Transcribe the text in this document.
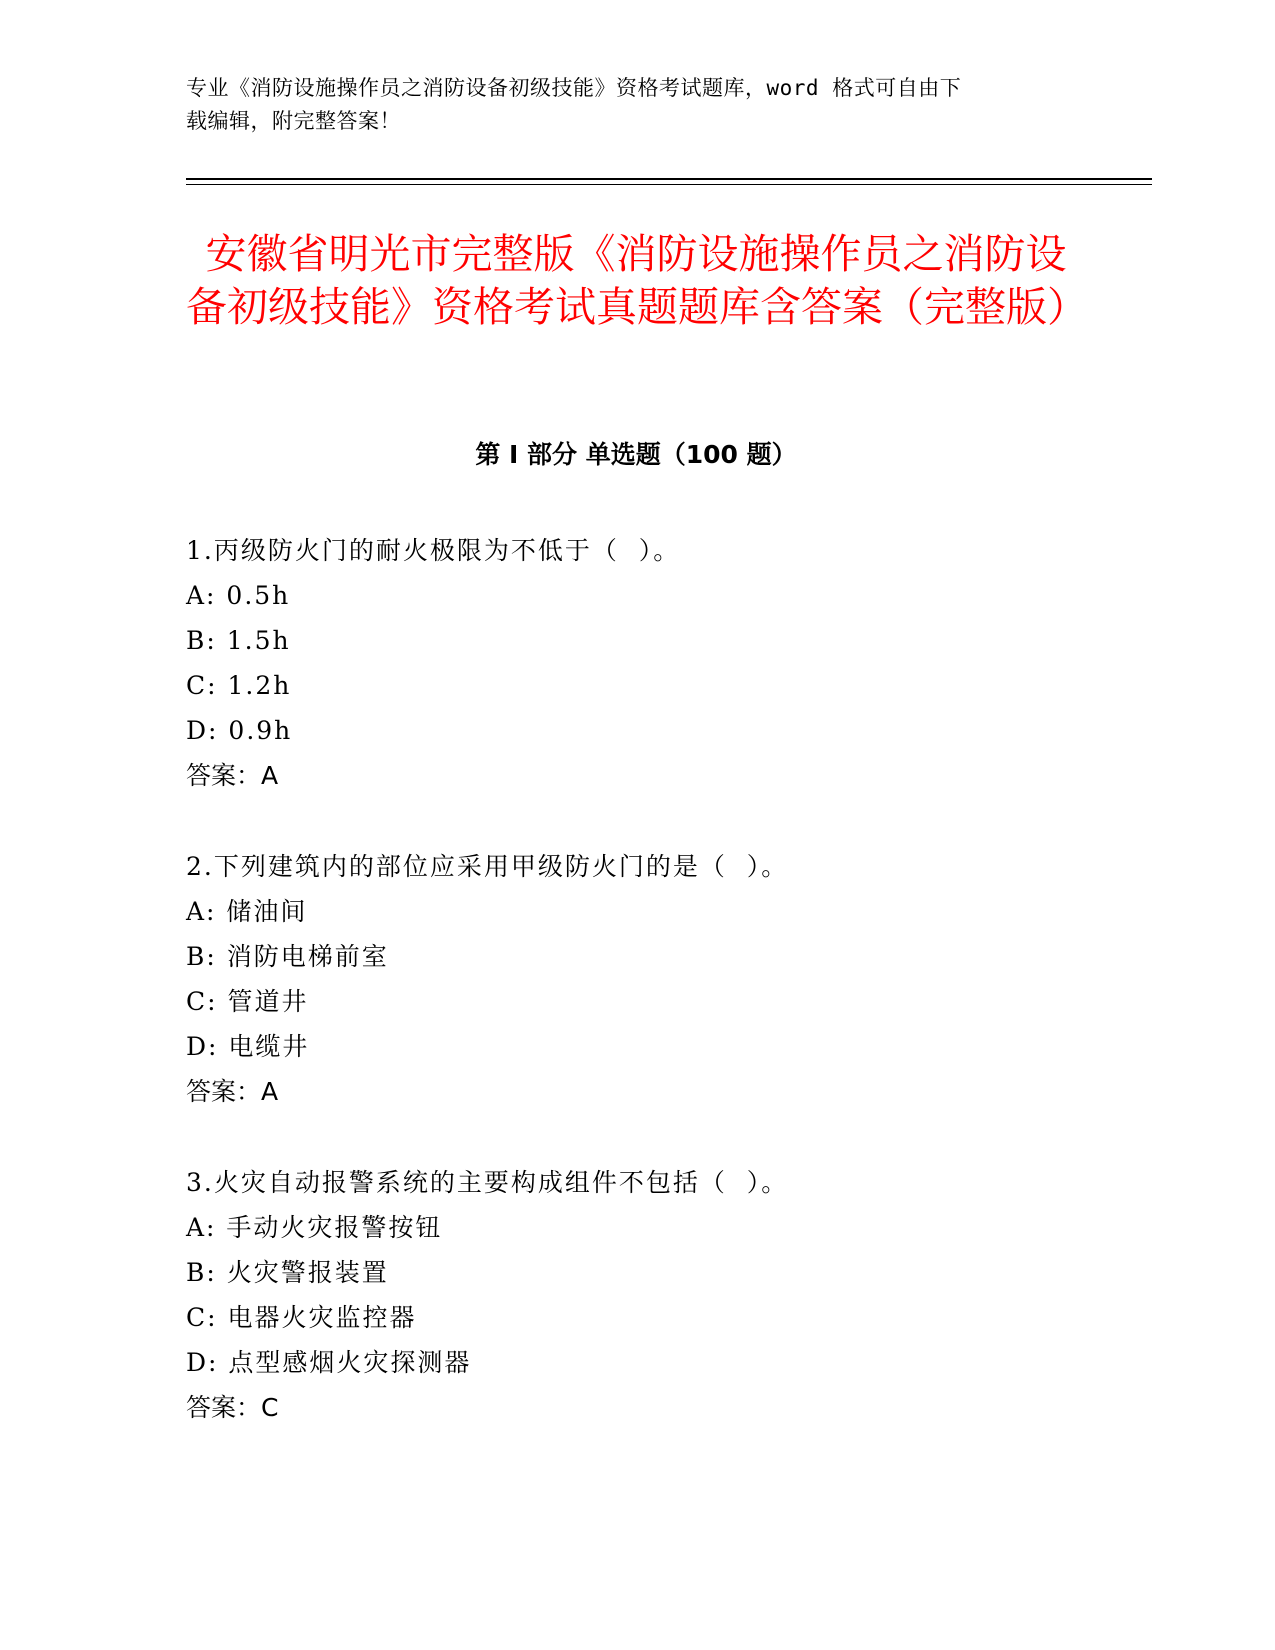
专业《消防设施操作员之消防设备初级技能》资格考试题库，word 格式可自由下
载编辑，附完整答案！
安徽省明光市完整版《消防设施操作员之消防设备初级技能》资格考试真题题库含答案（完整版）
第 I 部分 单选题（100 题）
1.丙级防火门的耐火极限为不低于（  ）。
A: 0.5h
B: 1.5h
C: 1.2h
D: 0.9h
答案：A
2.下列建筑内的部位应采用甲级防火门的是（  ）。
A: 储油间
B: 消防电梯前室
C: 管道井
D: 电缆井
答案：A
3.火灾自动报警系统的主要构成组件不包括（  ）。
A: 手动火灾报警按钮
B: 火灾警报装置
C: 电器火灾监控器
D: 点型感烟火灾探测器
答案：C
